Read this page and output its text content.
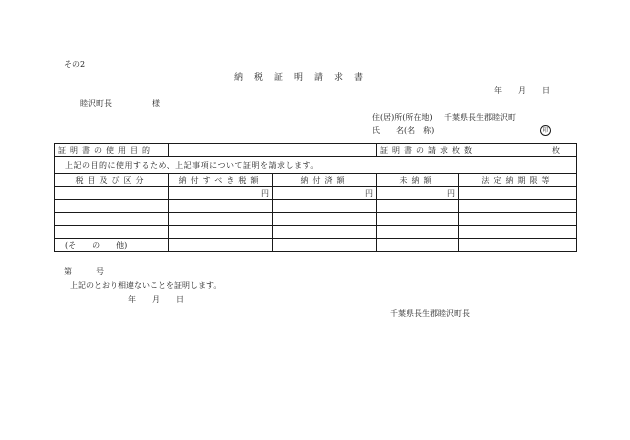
その2
納税証明請求書
年　　月　　日
睦沢町長	様
住(居)所(所在地) 千葉県長生郡睦沢町
氏　　名(名　称)	印
証明書の使用目的			証明書の請求枚数	枚
上記の目的に使用するため、上記事項について証明を請求します。				
税目及び区分	納付すべき税額	納付済額	未納額	法定納期限等
	円	円	円	

(そ　　の　　他)				
第　　　号
上記のとおり相違ないことを証明します。
年　　月　　日
千葉県長生郡睦沢町長
